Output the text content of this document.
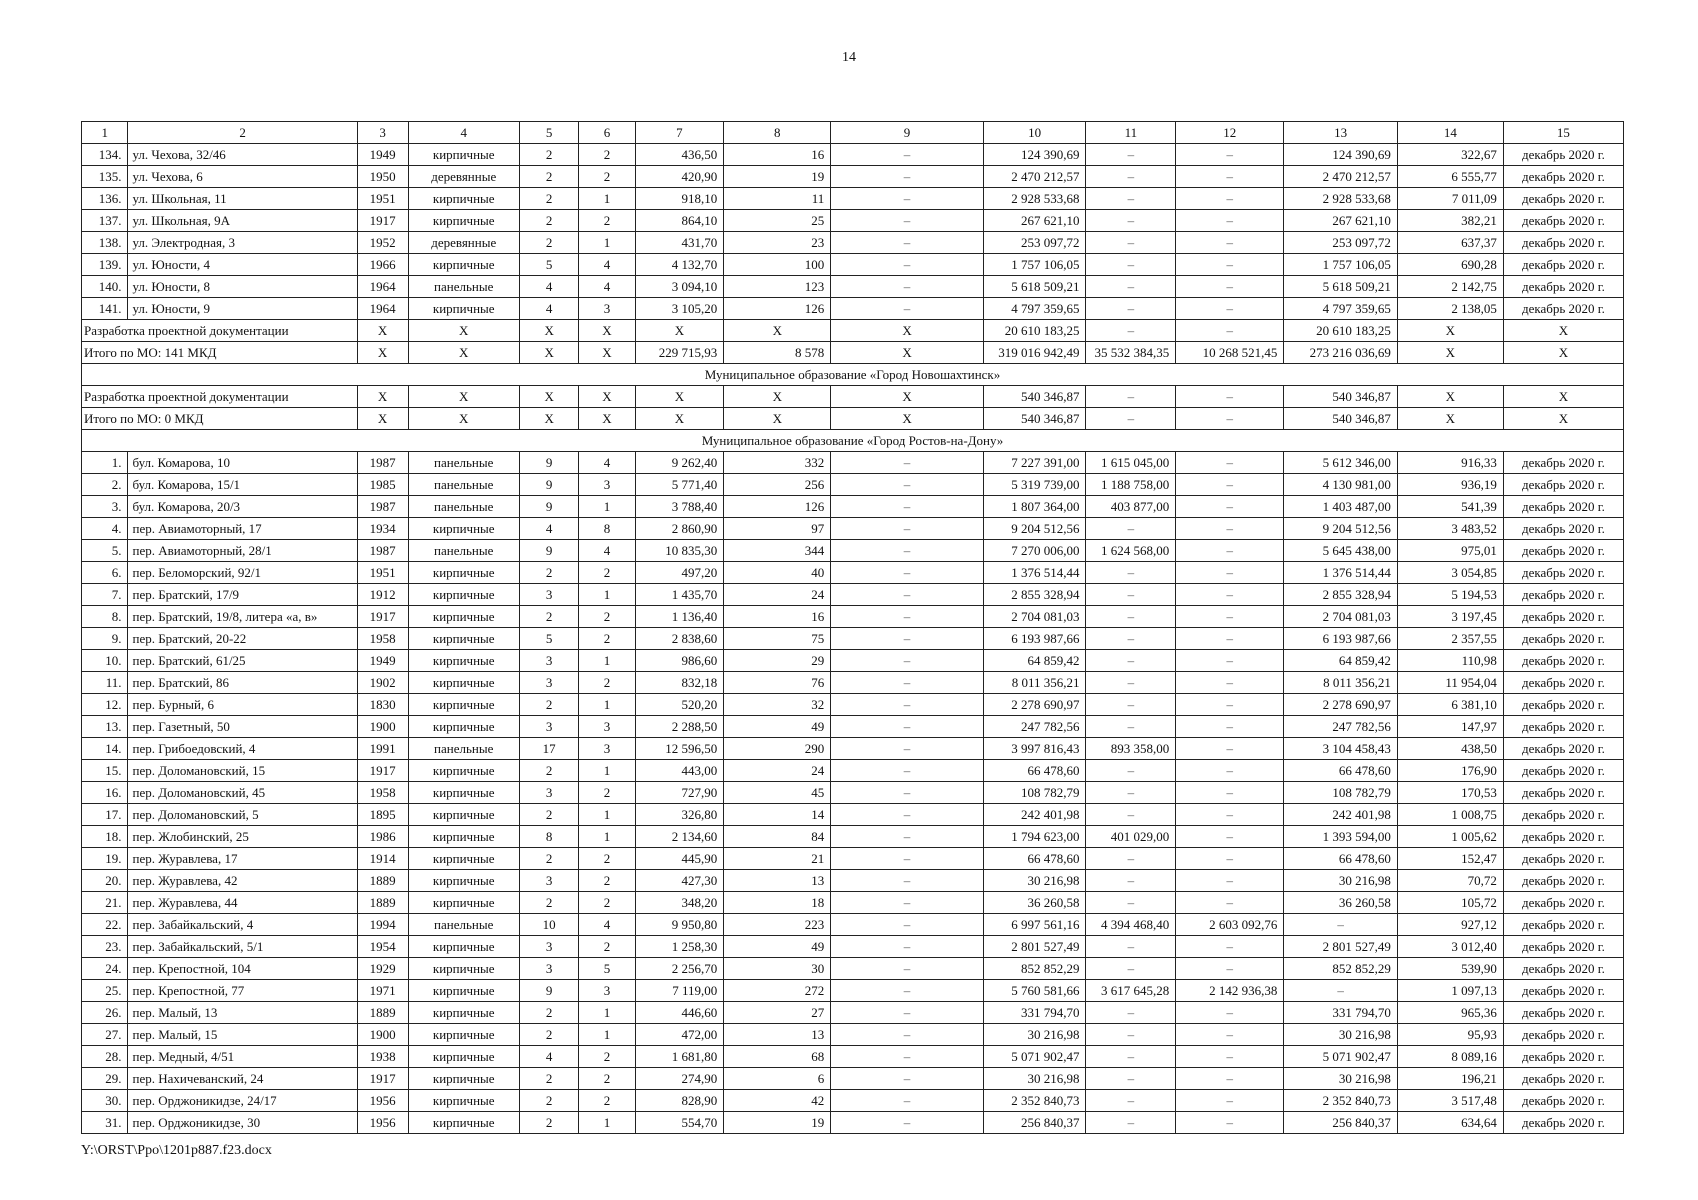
14
1	2	3	4	5	6	7	8	9	10	11	12	13	14	15
134.	ул. Чехова, 32/46	1949	кирпичные	2	2	436,50	16	–	124 390,69	–	–	124 390,69	322,67	декабрь 2020 г.
135.	ул. Чехова, 6	1950	деревянные	2	2	420,90	19	–	2 470 212,57	–	–	2 470 212,57	6 555,77	декабрь 2020 г.
136.	ул. Школьная, 11	1951	кирпичные	2	1	918,10	11	–	2 928 533,68	–	–	2 928 533,68	7 011,09	декабрь 2020 г.
137.	ул. Школьная, 9А	1917	кирпичные	2	2	864,10	25	–	267 621,10	–	–	267 621,10	382,21	декабрь 2020 г.
138.	ул. Электродная, 3	1952	деревянные	2	1	431,70	23	–	253 097,72	–	–	253 097,72	637,37	декабрь 2020 г.
139.	ул. Юности, 4	1966	кирпичные	5	4	4 132,70	100	–	1 757 106,05	–	–	1 757 106,05	690,28	декабрь 2020 г.
140.	ул. Юности, 8	1964	панельные	4	4	3 094,10	123	–	5 618 509,21	–	–	5 618 509,21	2 142,75	декабрь 2020 г.
141.	ул. Юности, 9	1964	кирпичные	4	3	3 105,20	126	–	4 797 359,65	–	–	4 797 359,65	2 138,05	декабрь 2020 г.
Разработка проектной документации		Х	Х	Х	Х	Х	Х	Х	20 610 183,25	–	–	20 610 183,25	Х	Х
Итого по МО: 141 МКД		Х	Х	Х	Х	229 715,93	8 578	Х	319 016 942,49	35 532 384,35	10 268 521,45	273 216 036,69	Х	Х
Муниципальное образование «Город Новошахтинск»														
Разработка проектной документации		Х	Х	Х	Х	Х	Х	Х	540 346,87	–	–	540 346,87	Х	Х
Итого по МО: 0 МКД		Х	Х	Х	Х	Х	Х	Х	540 346,87	–	–	540 346,87	Х	Х
Муниципальное образование «Город Ростов-на-Дону»														
1.	бул. Комарова, 10	1987	панельные	9	4	9 262,40	332	–	7 227 391,00	1 615 045,00	–	5 612 346,00	916,33	декабрь 2020 г.
2.	бул. Комарова, 15/1	1985	панельные	9	3	5 771,40	256	–	5 319 739,00	1 188 758,00	–	4 130 981,00	936,19	декабрь 2020 г.
3.	бул. Комарова, 20/3	1987	панельные	9	1	3 788,40	126	–	1 807 364,00	403 877,00	–	1 403 487,00	541,39	декабрь 2020 г.
4.	пер. Авиамоторный, 17	1934	кирпичные	4	8	2 860,90	97	–	9 204 512,56	–	–	9 204 512,56	3 483,52	декабрь 2020 г.
5.	пер. Авиамоторный, 28/1	1987	панельные	9	4	10 835,30	344	–	7 270 006,00	1 624 568,00	–	5 645 438,00	975,01	декабрь 2020 г.
6.	пер. Беломорский, 92/1	1951	кирпичные	2	2	497,20	40	–	1 376 514,44	–	–	1 376 514,44	3 054,85	декабрь 2020 г.
7.	пер. Братский, 17/9	1912	кирпичные	3	1	1 435,70	24	–	2 855 328,94	–	–	2 855 328,94	5 194,53	декабрь 2020 г.
8.	пер. Братский, 19/8, литера «а, в»	1917	кирпичные	2	2	1 136,40	16	–	2 704 081,03	–	–	2 704 081,03	3 197,45	декабрь 2020 г.
9.	пер. Братский, 20-22	1958	кирпичные	5	2	2 838,60	75	–	6 193 987,66	–	–	6 193 987,66	2 357,55	декабрь 2020 г.
10.	пер. Братский, 61/25	1949	кирпичные	3	1	986,60	29	–	64 859,42	–	–	64 859,42	110,98	декабрь 2020 г.
11.	пер. Братский, 86	1902	кирпичные	3	2	832,18	76	–	8 011 356,21	–	–	8 011 356,21	11 954,04	декабрь 2020 г.
12.	пер. Бурный, 6	1830	кирпичные	2	1	520,20	32	–	2 278 690,97	–	–	2 278 690,97	6 381,10	декабрь 2020 г.
13.	пер. Газетный, 50	1900	кирпичные	3	3	2 288,50	49	–	247 782,56	–	–	247 782,56	147,97	декабрь 2020 г.
14.	пер. Грибоедовский, 4	1991	панельные	17	3	12 596,50	290	–	3 997 816,43	893 358,00	–	3 104 458,43	438,50	декабрь 2020 г.
15.	пер. Доломановский, 15	1917	кирпичные	2	1	443,00	24	–	66 478,60	–	–	66 478,60	176,90	декабрь 2020 г.
16.	пер. Доломановский, 45	1958	кирпичные	3	2	727,90	45	–	108 782,79	–	–	108 782,79	170,53	декабрь 2020 г.
17.	пер. Доломановский, 5	1895	кирпичные	2	1	326,80	14	–	242 401,98	–	–	242 401,98	1 008,75	декабрь 2020 г.
18.	пер. Жлобинский, 25	1986	кирпичные	8	1	2 134,60	84	–	1 794 623,00	401 029,00	–	1 393 594,00	1 005,62	декабрь 2020 г.
19.	пер. Журавлева, 17	1914	кирпичные	2	2	445,90	21	–	66 478,60	–	–	66 478,60	152,47	декабрь 2020 г.
20.	пер. Журавлева, 42	1889	кирпичные	3	2	427,30	13	–	30 216,98	–	–	30 216,98	70,72	декабрь 2020 г.
21.	пер. Журавлева, 44	1889	кирпичные	2	2	348,20	18	–	36 260,58	–	–	36 260,58	105,72	декабрь 2020 г.
22.	пер. Забайкальский, 4	1994	панельные	10	4	9 950,80	223	–	6 997 561,16	4 394 468,40	2 603 092,76	–	927,12	декабрь 2020 г.
23.	пер. Забайкальский, 5/1	1954	кирпичные	3	2	1 258,30	49	–	2 801 527,49	–	–	2 801 527,49	3 012,40	декабрь 2020 г.
24.	пер. Крепостной, 104	1929	кирпичные	3	5	2 256,70	30	–	852 852,29	–	–	852 852,29	539,90	декабрь 2020 г.
25.	пер. Крепостной, 77	1971	кирпичные	9	3	7 119,00	272	–	5 760 581,66	3 617 645,28	2 142 936,38	–	1 097,13	декабрь 2020 г.
26.	пер. Малый, 13	1889	кирпичные	2	1	446,60	27	–	331 794,70	–	–	331 794,70	965,36	декабрь 2020 г.
27.	пер. Малый, 15	1900	кирпичные	2	1	472,00	13	–	30 216,98	–	–	30 216,98	95,93	декабрь 2020 г.
28.	пер. Медный, 4/51	1938	кирпичные	4	2	1 681,80	68	–	5 071 902,47	–	–	5 071 902,47	8 089,16	декабрь 2020 г.
29.	пер. Нахичеванский, 24	1917	кирпичные	2	2	274,90	6	–	30 216,98	–	–	30 216,98	196,21	декабрь 2020 г.
30.	пер. Орджоникидзе, 24/17	1956	кирпичные	2	2	828,90	42	–	2 352 840,73	–	–	2 352 840,73	3 517,48	декабрь 2020 г.
31.	пер. Орджоникидзе, 30	1956	кирпичные	2	1	554,70	19	–	256 840,37	–	–	256 840,37	634,64	декабрь 2020 г.
Y:\ORST\Ppo\1201p887.f23.docx
